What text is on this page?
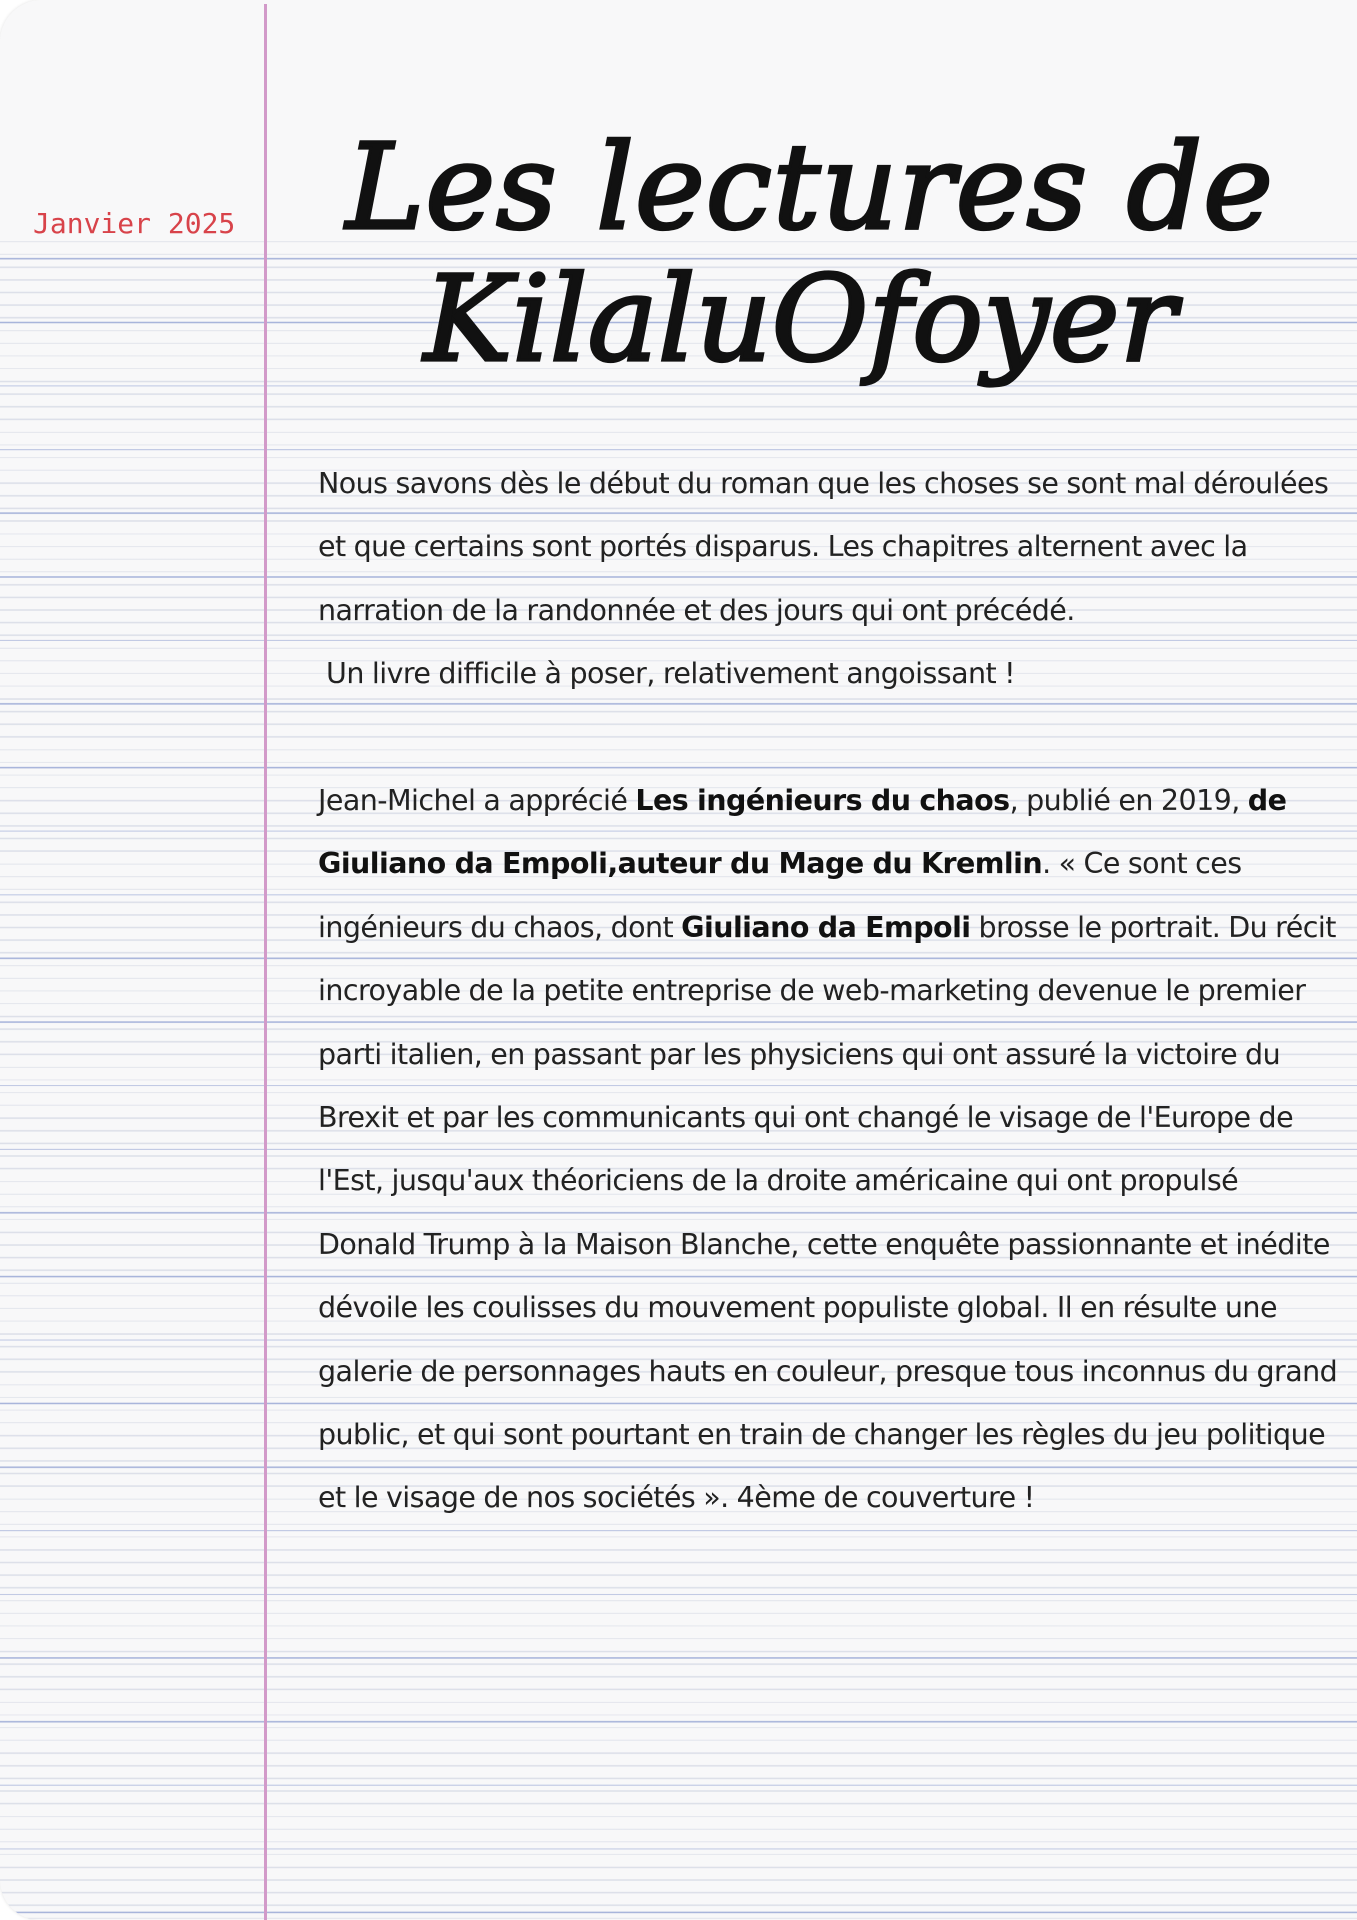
Janvier 2025 Les lectures de
KilaluOfoyer

Nous savons dès le début du roman que les choses se sont mal déroulées et que certains sont portés disparus. Les chapitres alternent avec la narration de la randonnée et des jours qui ont précédé.
Un livre difficile à poser, relativement angoissant !

Jean-Michel a apprécié Les ingénieurs du chaos, publié en 2019, de Giuliano da Empoli,auteur du Mage du Kremlin. « Ce sont ces ingénieurs du chaos, dont Giuliano da Empoli brosse le portrait. Du récit incroyable de la petite entreprise de web-marketing devenue le premier parti italien, en passant par les physiciens qui ont assuré la victoire du Brexit et par les communicants qui ont changé le visage de l'Europe de l'Est, jusqu'aux théoriciens de la droite américaine qui ont propulsé Donald Trump à la Maison Blanche, cette enquête passionnante et inédite dévoile les coulisses du mouvement populiste global. Il en résulte une galerie de personnages hauts en couleur, presque tous inconnus du grand public, et qui sont pourtant en train de changer les règles du jeu politique et le visage de nos sociétés ». 4ème de couverture !
